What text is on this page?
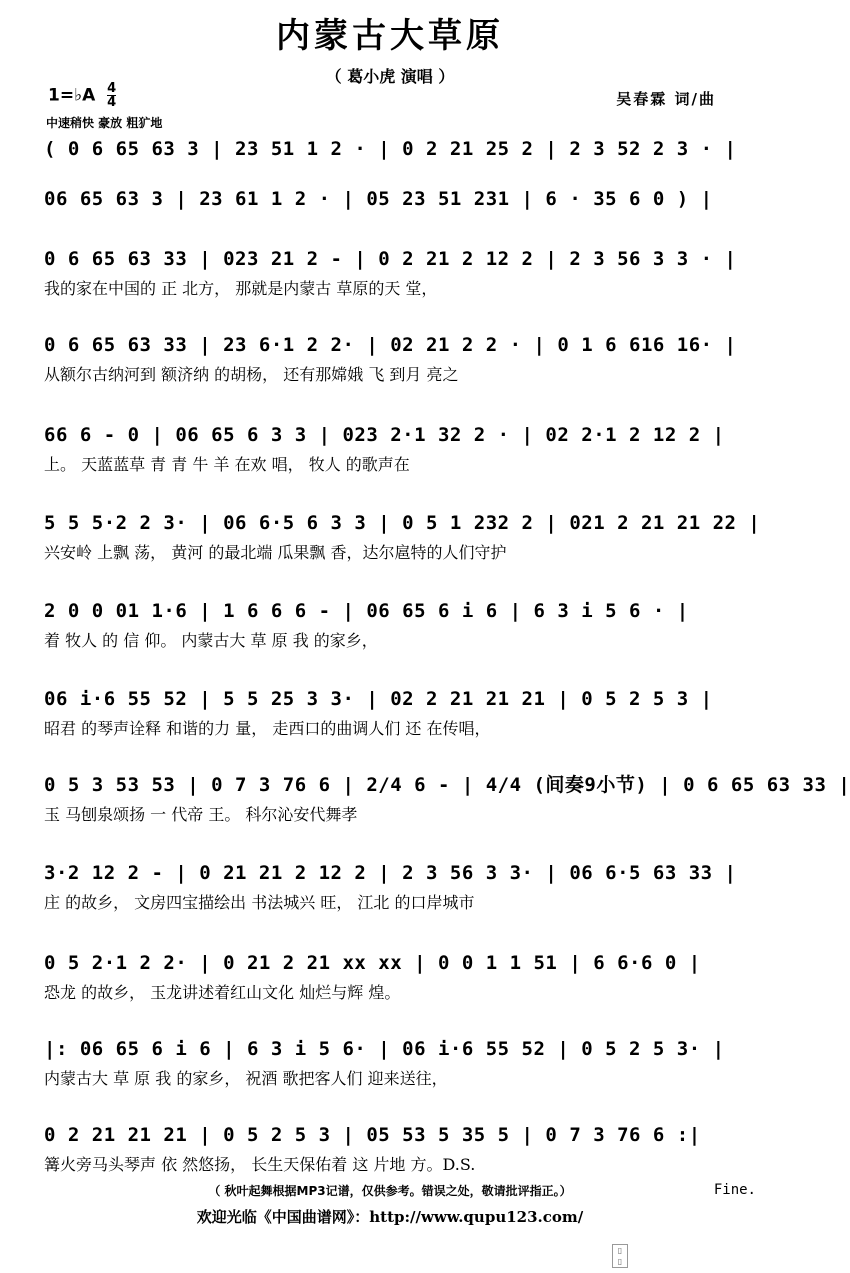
内蒙古大草原
（ 葛小虎 演唱 ）
1=♭A $\frac{4}{4}$	吴春霖 词/曲
中速稍快 豪放 粗犷地
( 0 6 65 63 3 | 23 51 1 2 · | 0 2 21 25 2 | 2 3 52 2 3 · |
06 65 63 3 | 23 61 1 2 · | 05 23 51 231 | 6 · 35 6 0 ) |
0 6 65 63 33 | 023 21 2 - | 0 2 21 2 12 2 | 2 3 56 3 3 · |
我的家在中国的 正 北方， 那就是内蒙古 草原的天 堂，
0 6 65 63 33 | 23 6·1 2 2· | 02 21 2 2 · | 0 1 6 616 16· |
从额尔古纳河到 额济纳 的胡杨， 还有那嫦娥 飞 到月 亮之
66 6 - 0 | 06 65 6 3 3 | 023 2·1 32 2 · | 02 2·1 2 12 2 |
上。 天蓝蓝草 青 青 牛 羊 在欢 唱， 牧人 的歌声在
5 5 5·2 2 3· | 06 6·5 6 3 3 | 0 5 1 232 2 | 021 2 21 21 22 |
兴安岭 上飘 荡， 黄河 的最北端 瓜果飘 香，达尔扈特的人们守护
2 0 0 01 1·6 | 1 6 6 6 - | 06 65 6 i 6 | 6 3 i 5 6 · |
着 牧人 的 信 仰。 内蒙古大 草 原 我 的家乡，
06 i·6 55 52 | 5 5 25 3 3· | 02 2 21 21 21 | 0 5 2 5 3 |
昭君 的琴声诠释 和谐的力 量， 走西口的曲调人们 还 在传唱，
0 5 3 53 53 | 0 7 3 76 6 | 2/4 6 - | 4/4 (间奏9小节) | 0 6 65 63 33 |
玉 马刨泉颂扬 一 代帝 王。 科尔沁安代舞孝
3·2 12 2 - | 0 21 21 2 12 2 | 2 3 56 3 3· | 06 6·5 63 33 |
庄 的故乡， 文房四宝描绘出 书法城兴 旺， 江北 的口岸城市
0 5 2·1 2 2· | 0 21 2 21 xx xx | 0 0 1 1 51 | 6 6·6 0 |
恐龙 的故乡， 玉龙讲述着红山文化 灿烂与辉 煌。
|: 06 65 6 i 6 | 6 3 i 5 6· | 06 i·6 55 52 | 0 5 2 5 3· |
内蒙古大 草 原 我 的家乡， 祝酒 歌把客人们 迎来送往，
0 2 21 21 21 | 0 5 2 5 3 | 05 53 5 35 5 | 0 7 3 76 6 :|
篝火旁马头琴声 依 然悠扬， 长生天保佑着 这 片地 方。D.S.
（ 秋叶起舞根据MP3记谱，仅供参考。错误之处，敬请批评指正。）	Fine.
欢迎光临《中国曲谱网》：http://www.qupu123.com/
▯
▯
